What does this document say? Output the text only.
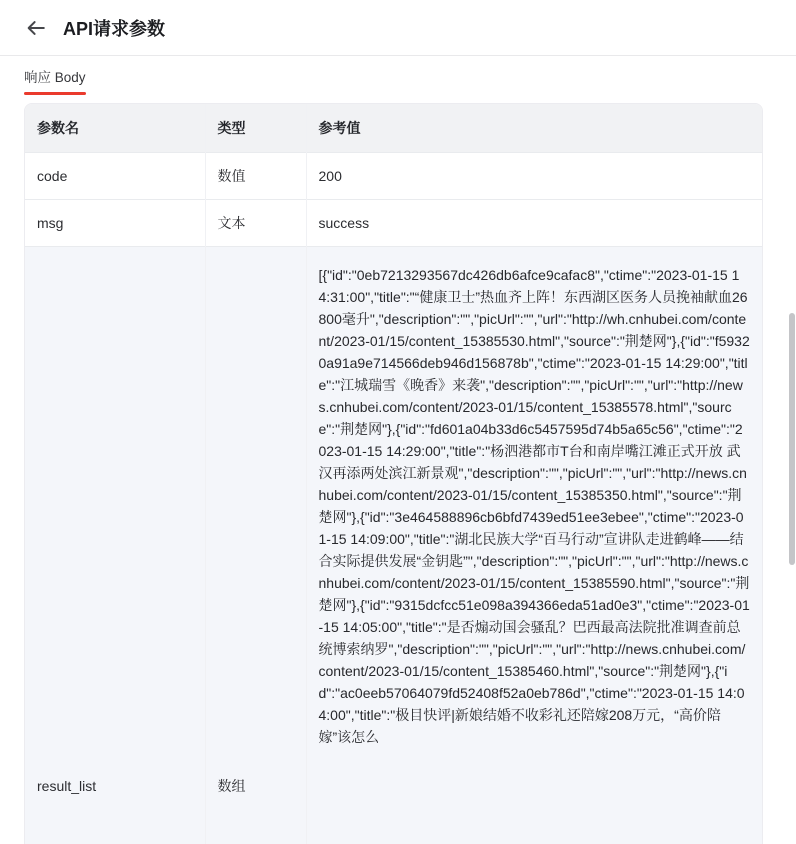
API请求参数
响应 Body
参数名	类型	参考值
code	数值	200
msg	文本	success
result_list	数组	[{"id":"0eb7213293567dc426db6afce9cafac8","ctime":"2023-01-15 14:31:00","title":"“健康卫士”热血齐上阵！东西湖区医务人员挽袖献血26800毫升","description":"","picUrl":"","url":"http://wh.cnhubei.com/content/2023-01/15/content_15385530.html","source":"荆楚网"},{"id":"f59320a91a9e714566deb946d156878b","ctime":"2023-01-15 14:29:00","title":"江城瑞雪《晚香》来袭","description":"","picUrl":"","url":"http://news.cnhubei.com/content/2023-01/15/content_15385578.html","source":"荆楚网"},{"id":"fd601a04b33d6c5457595d74b5a65c56","ctime":"2023-01-15 14:29:00","title":"杨泗港都市T台和南岸嘴江滩正式开放 武汉再添两处滨江新景观","description":"","picUrl":"","url":"http://news.cnhubei.com/content/2023-01/15/content_15385350.html","source":"荆楚网"},{"id":"3e464588896cb6bfd7439ed51ee3ebee","ctime":"2023-01-15 14:09:00","title":"湖北民族大学“百马行动”宣讲队走进鹤峰——结合实际提供发展“金钥匙”","description":"","picUrl":"","url":"http://news.cnhubei.com/content/2023-01/15/content_15385590.html","source":"荆楚网"},{"id":"9315dcfcc51e098a394366eda51ad0e3","ctime":"2023-01-15 14:05:00","title":"是否煽动国会骚乱？巴西最高法院批准调查前总统博索纳罗","description":"","picUrl":"","url":"http://news.cnhubei.com/content/2023-01/15/content_15385460.html","source":"荆楚网"},{"id":"ac0eeb57064079fd52408f52a0eb786d","ctime":"2023-01-15 14:04:00","title":"极目快评|新娘结婚不收彩礼还陪嫁208万元，“高价陪嫁”该怎么
